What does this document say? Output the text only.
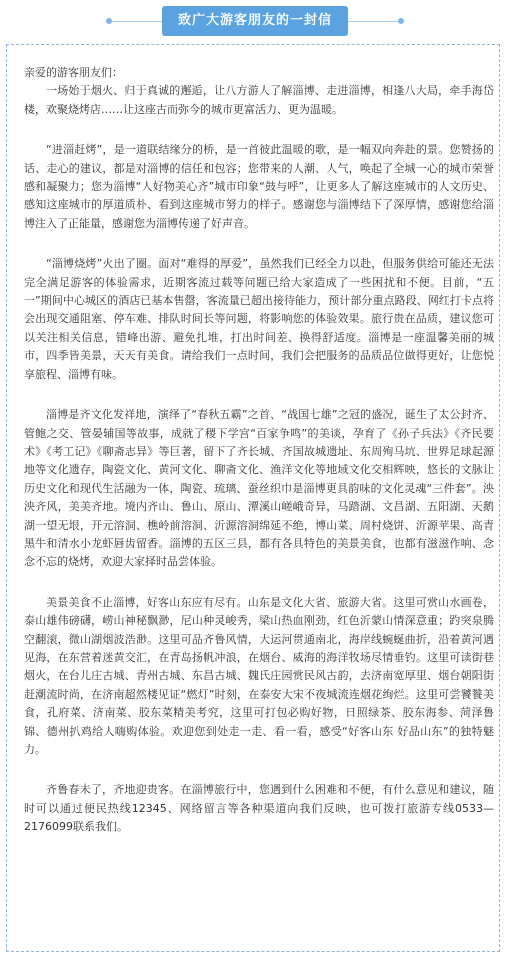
致广大游客朋友的一封信

亲爱的游客朋友们：

一场始于烟火、归于真诚的邂逅，让八方游人了解淄博、走进淄博，相逢八大局，牵手海岱楼，欢聚烧烤店……让这座古而弥今的城市更富活力、更为温暖。

“进淄赶烤”，是一道联结缘分的桥，是一首彼此温暖的歌，是一幅双向奔赴的景。您赞扬的话、走心的建议，都是对淄博的信任和包容；您带来的人潮、人气，唤起了全城一心的城市荣誉感和凝聚力；您为淄博“人好物美心齐”城市印象“鼓与呼”，让更多人了解这座城市的人文历史、感知这座城市的厚道质朴、看到这座城市努力的样子。感谢您与淄博结下了深厚情，感谢您给淄博注入了正能量，感谢您为淄博传递了好声音。

“淄博烧烤”火出了圈。面对“难得的厚爱”，虽然我们已经全力以赴，但服务供给可能还无法完全满足游客的体验需求，近期客流过载等问题已给大家造成了一些困扰和不便。目前，“五一”期间中心城区的酒店已基本售罄，客流量已超出接待能力，预计部分重点路段、网红打卡点将会出现交通阻塞、停车难、排队时间长等问题，将影响您的体验效果。旅行贵在品质，建议您可以关注相关信息，错峰出游、避免扎堆，打出时间差、换得舒适度。淄博是一座温馨美丽的城市，四季皆美景，天天有美食。请给我们一点时间，我们会把服务的品质品位做得更好，让您悦享旅程、淄博有味。

淄博是齐文化发祥地，演绎了“春秋五霸”之首、“战国七雄”之冠的盛况，诞生了太公封齐、管鲍之交、管晏辅国等故事，成就了稷下学宫“百家争鸣”的美谈，孕育了《孙子兵法》《齐民要术》《考工记》《聊斋志异》等巨著，留下了齐长城、齐国故城遗址、东周殉马坑、世界足球起源地等文化遗存，陶瓷文化、黄河文化、聊斋文化、渔洋文化等地域文化交相辉映，悠长的文脉让历史文化和现代生活融为一体，陶瓷、琉璃、蚕丝织巾是淄博更具韵味的文化灵魂“三件套”。泱泱齐风，美美齐地。境内齐山、鲁山、原山、潭溪山嵯峨奇异，马踏湖、文昌湖、五阳湖、天鹅湖一望无垠，开元溶洞、樵岭前溶洞、沂源溶洞绵延不绝，博山菜、周村烧饼、沂源苹果、高青黑牛和清水小龙虾唇齿留香。淄博的五区三县，都有各具特色的美景美食，也都有滋滋作响、念念不忘的烧烤，欢迎大家择时品尝体验。

美景美食不止淄博，好客山东应有尽有。山东是文化大省、旅游大省。这里可赏山水画卷，泰山雄伟磅礴，崂山神秘飘渺，尼山种灵峻秀，梁山热血刚劲，红色沂蒙山情深意重；趵突泉腾空翻滚，微山湖烟波浩渺。这里可品齐鲁风情，大运河贯通南北，海岸线蜿蜒曲折，沿着黄河遇见海，在东营着迷黄交汇，在青岛扬帆冲浪，在烟台、威海的海洋牧场尽情垂钓。这里可读街巷烟火，在台儿庄古城、青州古城、东昌古城、魏氏庄园赏民风古韵，去济南宽厚里、烟台朝阳街赶潮流时尚，在济南超然楼见证“燃灯”时刻，在泰安大宋不夜城流连烟花绚烂。这里可尝饕餮美食，孔府菜、济南菜、胶东菜精美考究，这里可打包必购好物，日照绿茶、胶东海参、菏泽鲁锦、德州扒鸡给人嗨购体验。欢迎您到处走一走、看一看，感受“好客山东 好品山东”的独特魅力。

齐鲁春未了，齐地迎贵客。在淄博旅行中，您遇到什么困难和不便，有什么意见和建议，随时可以通过便民热线12345、网络留言等各种渠道向我们反映，也可拨打旅游专线0533—2176099联系我们。
